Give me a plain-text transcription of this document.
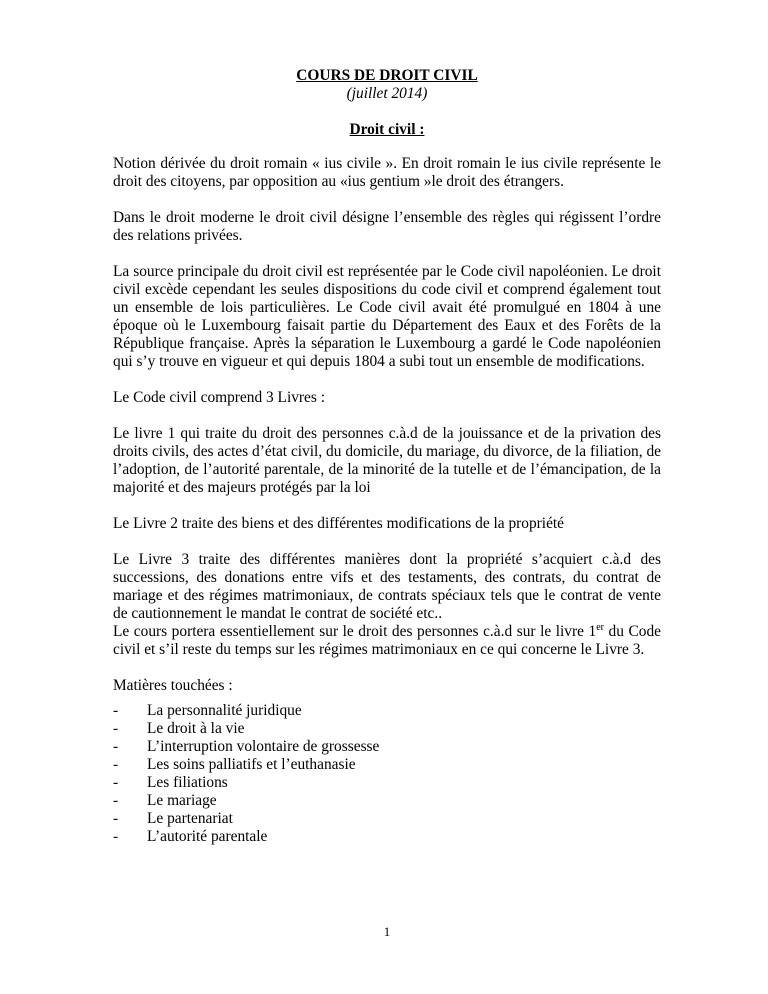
COURS DE DROIT CIVIL
(juillet 2014)
Droit civil :

Notion dérivée du droit romain « ius civile ». En droit romain le ius civile représente le droit des citoyens, par opposition au «ius gentium »le droit des étrangers.

Dans le droit moderne le droit civil désigne l’ensemble des règles qui régissent l’ordre des relations privées.

La source principale du droit civil est représentée par le Code civil napoléonien. Le droit civil excède cependant les seules dispositions du code civil et comprend également tout un ensemble de lois particulières. Le Code civil avait été promulgué en 1804 à une époque où le Luxembourg faisait partie du Département des Eaux et des Forêts de la République française. Après la séparation le Luxembourg a gardé le Code napoléonien qui s’y trouve en vigueur et qui depuis 1804 a subi tout un ensemble de modifications.

Le Code civil comprend 3 Livres :

Le livre 1 qui traite du droit des personnes c.à.d de la jouissance et de la privation des droits civils, des actes d’état civil, du domicile, du mariage, du divorce, de la filiation, de l’adoption, de l’autorité parentale, de la minorité de la tutelle et de l’émancipation, de la majorité et des majeurs protégés par la loi

Le Livre 2 traite des biens et des différentes modifications de la propriété

Le Livre 3 traite des différentes manières dont la propriété s’acquiert c.à.d des successions, des donations entre vifs et des testaments, des contrats, du contrat de mariage et des régimes matrimoniaux, de contrats spéciaux tels que le contrat de vente de cautionnement le mandat le contrat de société etc..

Le cours portera essentiellement sur le droit des personnes c.à.d sur le livre 1er du Code civil et s’il reste du temps sur les régimes matrimoniaux en ce qui concerne le Livre 3.

Matières touchées :

- La personnalité juridique
- Le droit à la vie
- L’interruption volontaire de grossesse
- Les soins palliatifs et l’euthanasie
- Les filiations
- Le mariage
- Le partenariat
- L’autorité parentale
1
